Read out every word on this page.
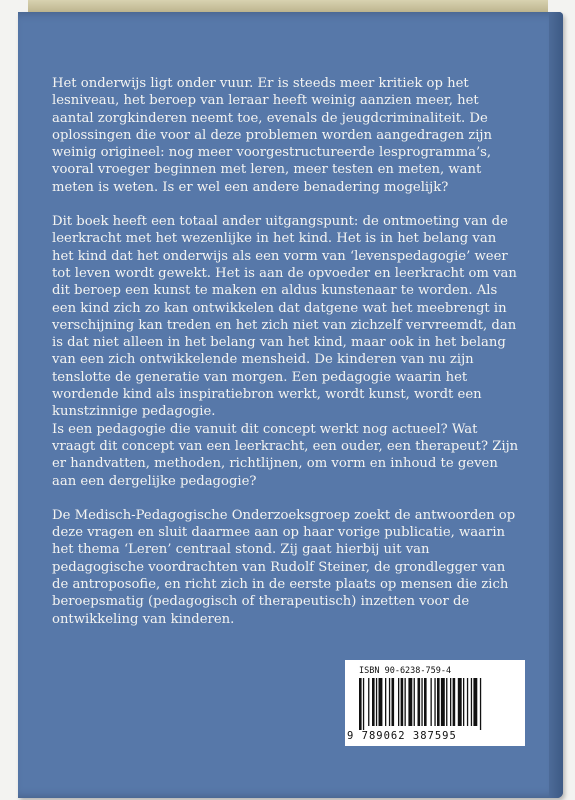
Het onderwijs ligt onder vuur. Er is steeds meer kritiek op het lesniveau, het beroep van leraar heeft weinig aanzien meer, het aantal zorgkinderen neemt toe, evenals de jeugdcriminaliteit. De oplossingen die voor al deze problemen worden aangedragen zijn weinig origineel: nog meer voorgestructureerde lesprogramma’s, vooral vroeger beginnen met leren, meer testen en meten, want meten is weten. Is er wel een andere benadering mogelijk?

Dit boek heeft een totaal ander uitgangspunt: de ontmoeting van de leerkracht met het wezenlijke in het kind. Het is in het belang van het kind dat het onderwijs als een vorm van ‘levenspedagogie’ weer tot leven wordt gewekt. Het is aan de opvoeder en leerkracht om van dit beroep een kunst te maken en aldus kunstenaar te worden. Als een kind zich zo kan ontwikkelen dat datgene wat het meebrengt in verschijning kan treden en het zich niet van zichzelf vervreemdt, dan is dat niet alleen in het belang van het kind, maar ook in het belang van een zich ontwikkelende mensheid. De kinderen van nu zijn tenslotte de generatie van morgen. Een pedagogie waarin het wordende kind als inspiratiebron werkt, wordt kunst, wordt een kunstzinnige pedagogie.

Is een pedagogie die vanuit dit concept werkt nog actueel? Wat vraagt dit concept van een leerkracht, een ouder, een therapeut? Zijn er handvatten, methoden, richtlijnen, om vorm en inhoud te geven aan een dergelijke pedagogie?

De Medisch-Pedagogische Onderzoeksgroep zoekt de antwoorden op deze vragen en sluit daarmee aan op haar vorige publicatie, waarin het thema ‘Leren’ centraal stond. Zij gaat hierbij uit van pedagogische voordrachten van Rudolf Steiner, de grondlegger van de antroposofie, en richt zich in de eerste plaats op mensen die zich beroepsmatig (pedagogisch of therapeutisch) inzetten voor de ontwikkeling van kinderen.

ISBN 90-6238-759-4
9 789062 387595
